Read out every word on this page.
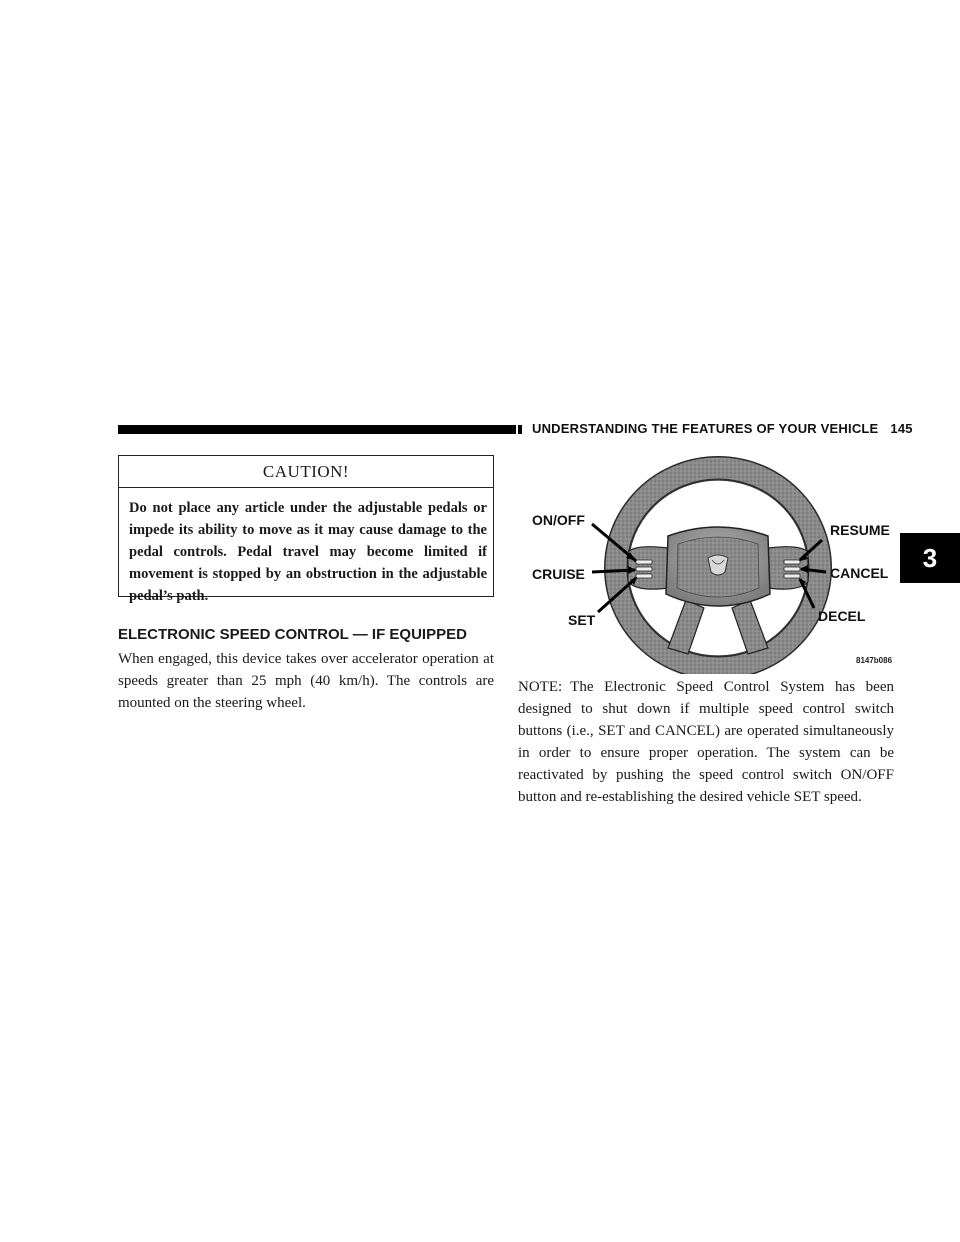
UNDERSTANDING THE FEATURES OF YOUR VEHICLE 145
CAUTION!
Do not place any article under the adjustable pedals or impede its ability to move as it may cause damage to the pedal controls. Pedal travel may become limited if movement is stopped by an obstruction in the adjustable pedal’s path.
ELECTRONIC SPEED CONTROL — IF EQUIPPED
When engaged, this device takes over accelerator operation at speeds greater than 25 mph (40 km/h). The controls are mounted on the steering wheel.
ON/OFF
CRUISE
SET
RESUME
CANCEL
DECEL
8147b086
NOTE: The Electronic Speed Control System has been designed to shut down if multiple speed control switch buttons (i.e., SET and CANCEL) are operated simultaneously in order to ensure proper operation. The system can be reactivated by pushing the speed control switch ON/OFF button and re-establishing the desired vehicle SET speed.
3
